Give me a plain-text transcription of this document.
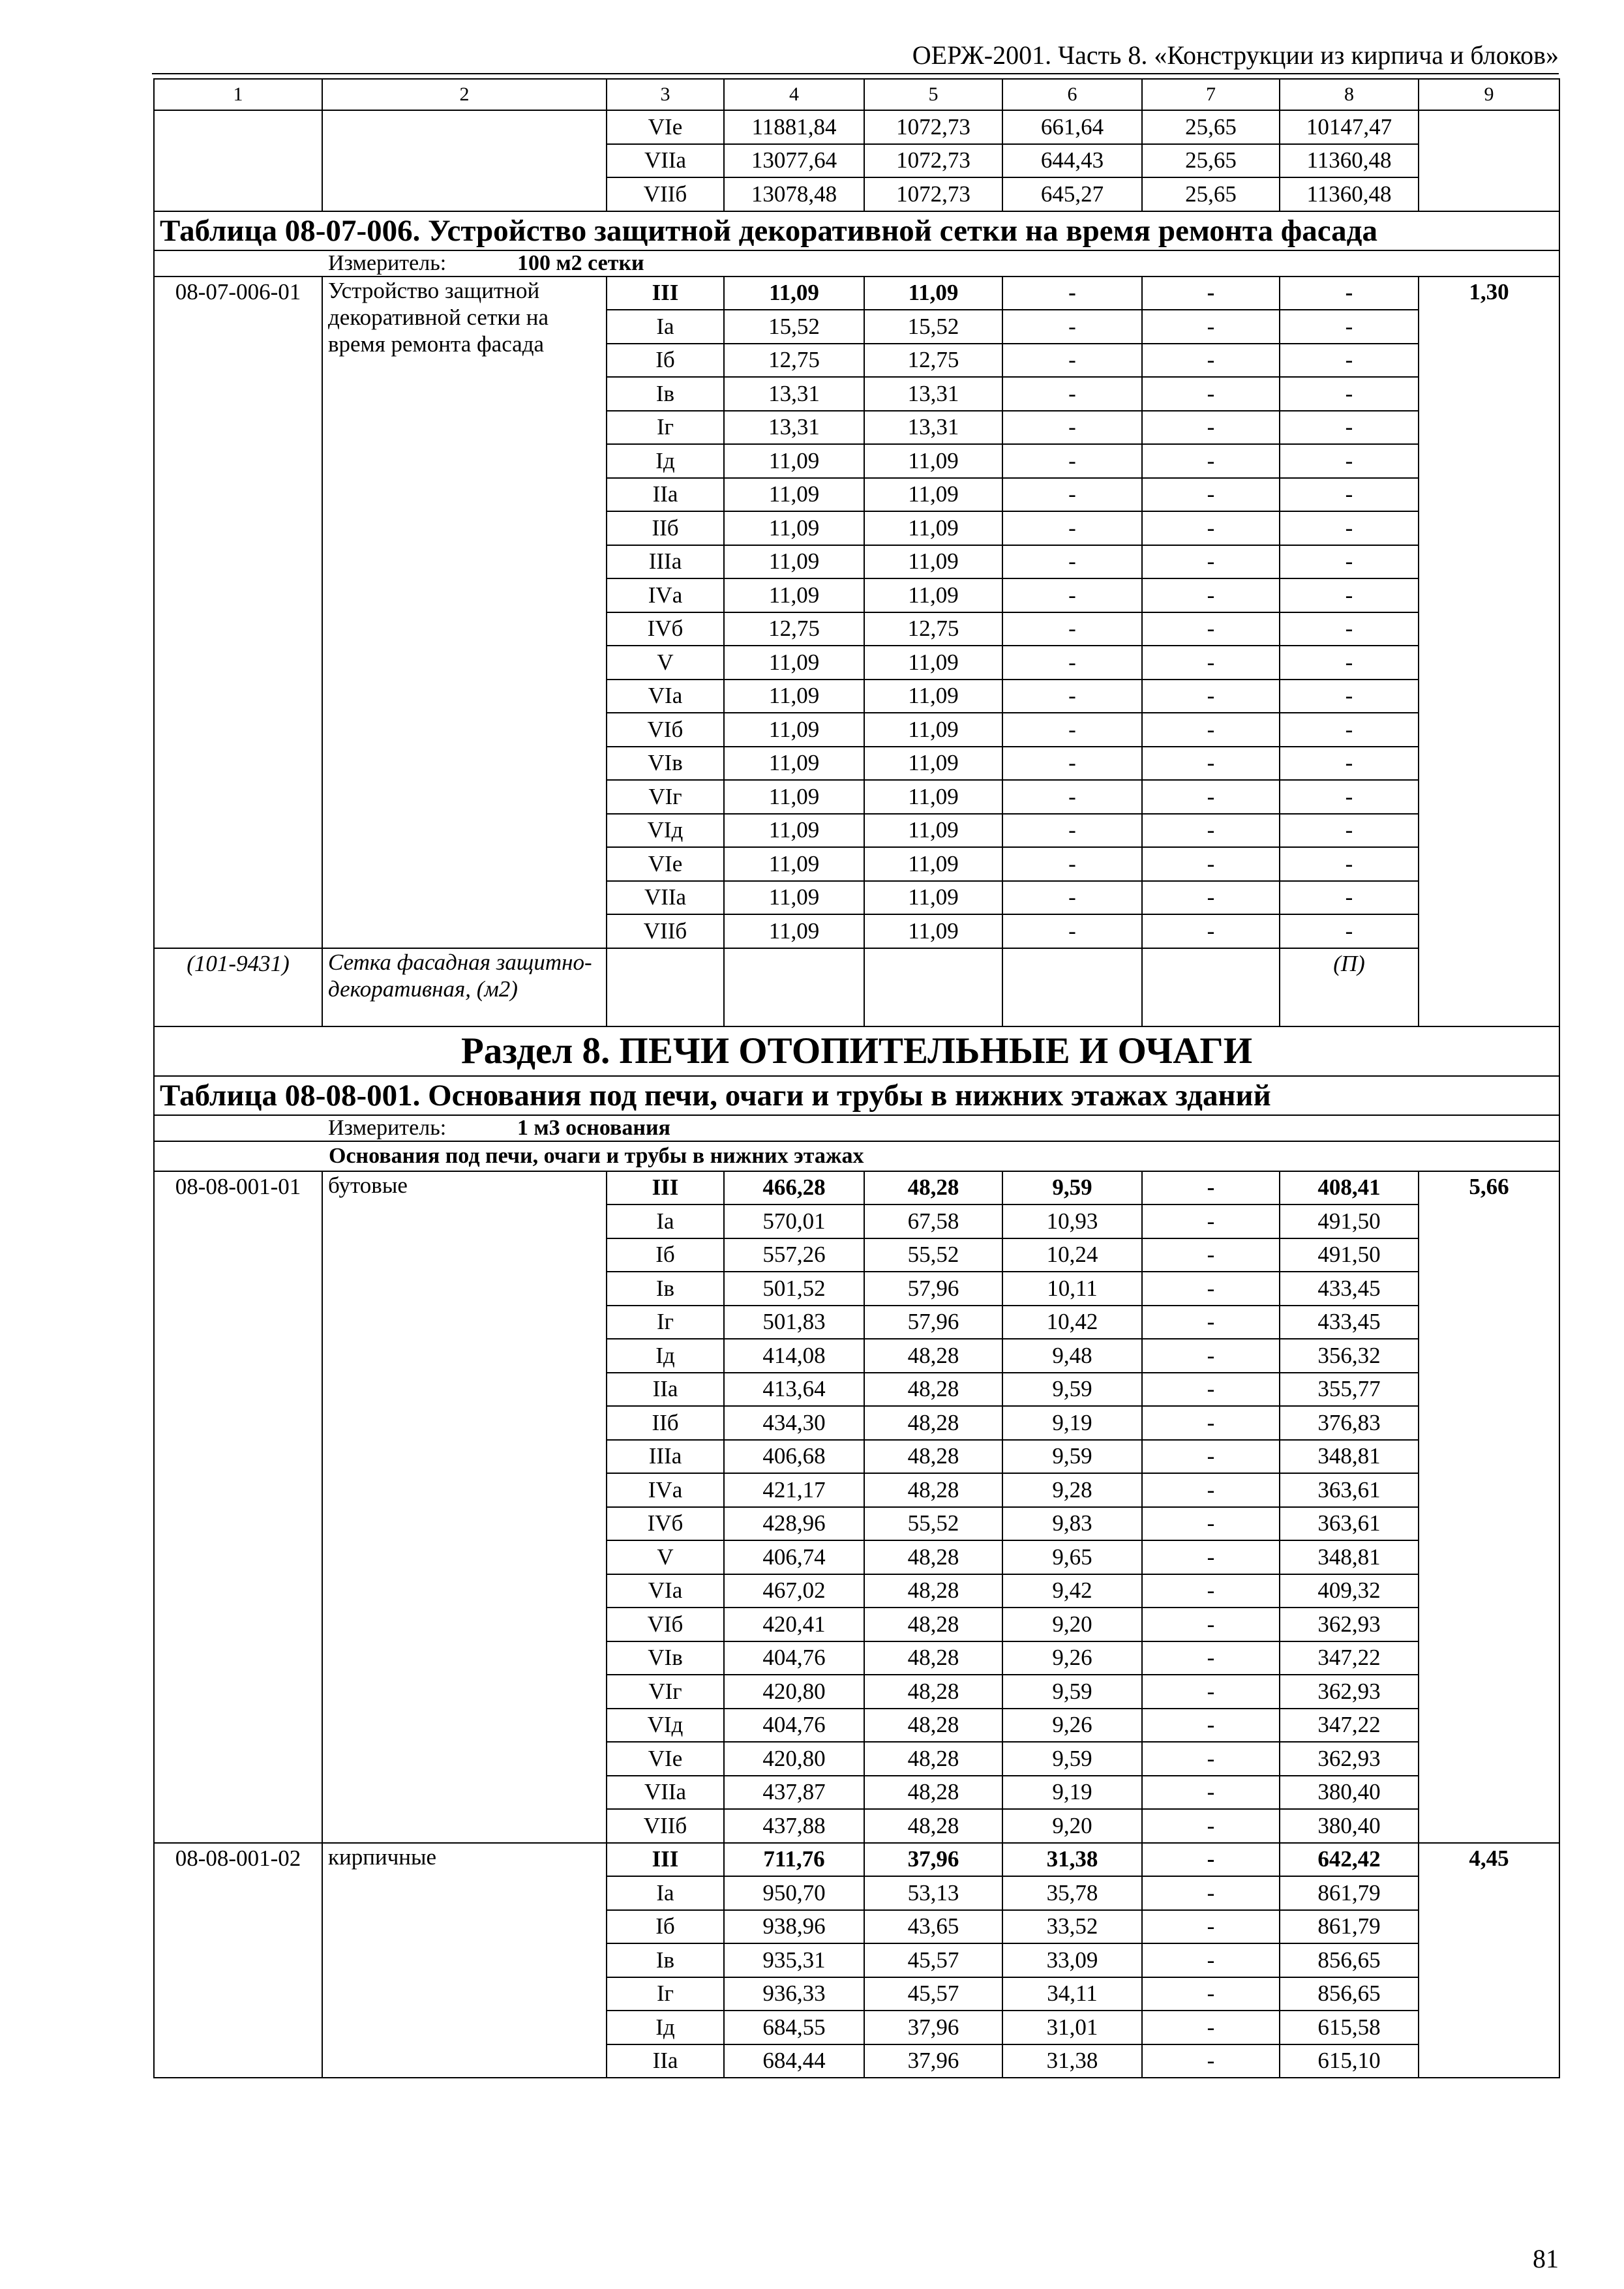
ОЕРЖ-2001. Часть 8. «Конструкции из кирпича и блоков»
1	2	3	4	5	6	7	8	9
		VIе	11881,84	1072,73	661,64	25,65	10147,47	
		VIIа	13077,64	1072,73	644,43	25,65	11360,48	
		VIIб	13078,48	1072,73	645,27	25,65	11360,48	
Таблица 08-07-006. Устройство защитной декоративной сетки на время ремонта фасада								
Измеритель: 100 м2 сетки								
08-07-006-01	Устройство защитной декоративной сетки на время ремонта фасада	III	11,09	11,09	-	-	-	1,30
		Iа	15,52	15,52	-	-	-	
		Iб	12,75	12,75	-	-	-	
		Iв	13,31	13,31	-	-	-	
		Iг	13,31	13,31	-	-	-	
		Iд	11,09	11,09	-	-	-	
		IIа	11,09	11,09	-	-	-	
		IIб	11,09	11,09	-	-	-	
		IIIа	11,09	11,09	-	-	-	
		IVа	11,09	11,09	-	-	-	
		IVб	12,75	12,75	-	-	-	
		V	11,09	11,09	-	-	-	
		VIа	11,09	11,09	-	-	-	
		VIб	11,09	11,09	-	-	-	
		VIв	11,09	11,09	-	-	-	
		VIг	11,09	11,09	-	-	-	
		VIд	11,09	11,09	-	-	-	
		VIе	11,09	11,09	-	-	-	
		VIIа	11,09	11,09	-	-	-	
		VIIб	11,09	11,09	-	-	-	
(101-9431)	Сетка фасадная защитно-декоративная, (м2)						(П)	
Раздел 8. ПЕЧИ ОТОПИТЕЛЬНЫЕ И ОЧАГИ								
Таблица 08-08-001. Основания под печи, очаги и трубы в нижних этажах зданий								
Измеритель: 1 м3 основания								
Основания под печи, очаги и трубы в нижних этажах								
08-08-001-01	бутовые	III	466,28	48,28	9,59	-	408,41	5,66
		Iа	570,01	67,58	10,93	-	491,50	
		Iб	557,26	55,52	10,24	-	491,50	
		Iв	501,52	57,96	10,11	-	433,45	
		Iг	501,83	57,96	10,42	-	433,45	
		Iд	414,08	48,28	9,48	-	356,32	
		IIа	413,64	48,28	9,59	-	355,77	
		IIб	434,30	48,28	9,19	-	376,83	
		IIIа	406,68	48,28	9,59	-	348,81	
		IVа	421,17	48,28	9,28	-	363,61	
		IVб	428,96	55,52	9,83	-	363,61	
		V	406,74	48,28	9,65	-	348,81	
		VIа	467,02	48,28	9,42	-	409,32	
		VIб	420,41	48,28	9,20	-	362,93	
		VIв	404,76	48,28	9,26	-	347,22	
		VIг	420,80	48,28	9,59	-	362,93	
		VIд	404,76	48,28	9,26	-	347,22	
		VIе	420,80	48,28	9,59	-	362,93	
		VIIа	437,87	48,28	9,19	-	380,40	
		VIIб	437,88	48,28	9,20	-	380,40	
08-08-001-02	кирпичные	III	711,76	37,96	31,38	-	642,42	4,45
		Iа	950,70	53,13	35,78	-	861,79	
		Iб	938,96	43,65	33,52	-	861,79	
		Iв	935,31	45,57	33,09	-	856,65	
		Iг	936,33	45,57	34,11	-	856,65	
		Iд	684,55	37,96	31,01	-	615,58	
		IIа	684,44	37,96	31,38	-	615,10	
81
